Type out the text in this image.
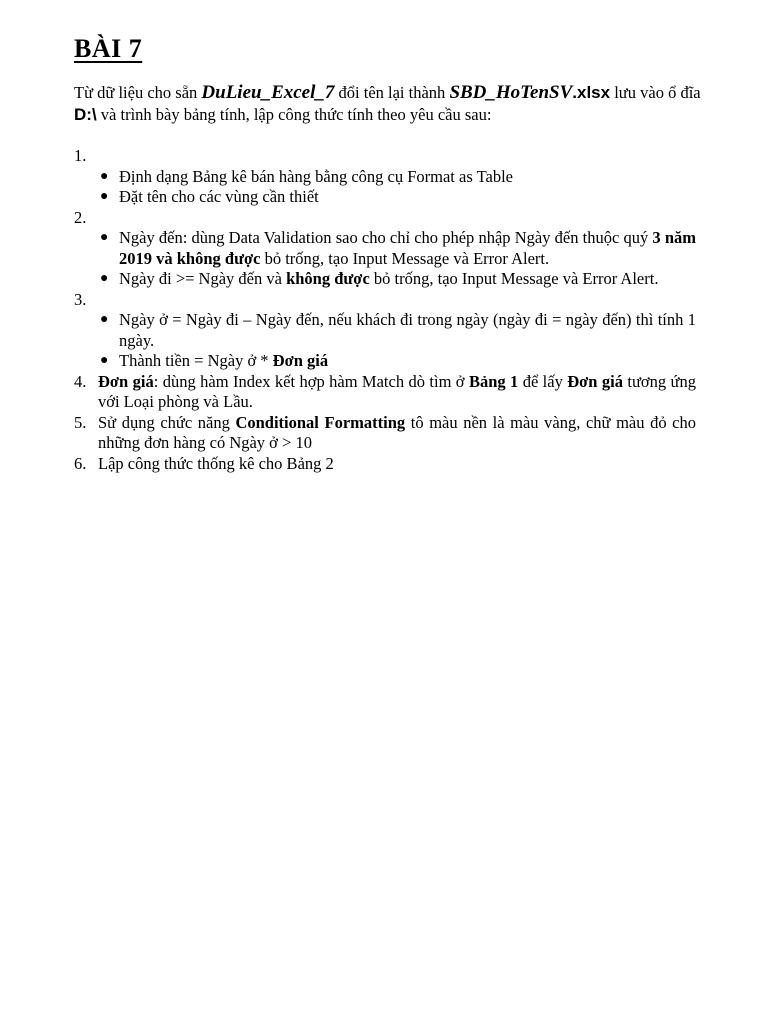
BÀI 7

Từ dữ liệu cho sẵn DuLieu_Excel_7 đổi tên lại thành SBD_HoTenSV.xlsx lưu vào ổ đĩa D:\ và trình bày bảng tính, lập công thức tính theo yêu cầu sau:

1.

● Định dạng Bảng kê bán hàng bằng công cụ Format as Table
● Đặt tên cho các vùng cần thiết
2.

● Ngày đến: dùng Data Validation sao cho chỉ cho phép nhập Ngày đến thuộc quý 3 năm 2019 và không được bỏ trống, tạo Input Message và Error Alert.
● Ngày đi >= Ngày đến và không được bỏ trống, tạo Input Message và Error Alert.
3.

● Ngày ở = Ngày đi – Ngày đến, nếu khách đi trong ngày (ngày đi = ngày đến) thì tính 1 ngày.
● Thành tiền = Ngày ở * Đơn giá
4. Đơn giá: dùng hàm Index kết hợp hàm Match dò tìm ở Bảng 1 để lấy Đơn giá tương ứng với Loại phòng và Lầu.
5. Sử dụng chức năng Conditional Formatting tô màu nền là màu vàng, chữ màu đỏ cho những đơn hàng có Ngày ở > 10
6. Lập công thức thống kê cho Bảng 2
